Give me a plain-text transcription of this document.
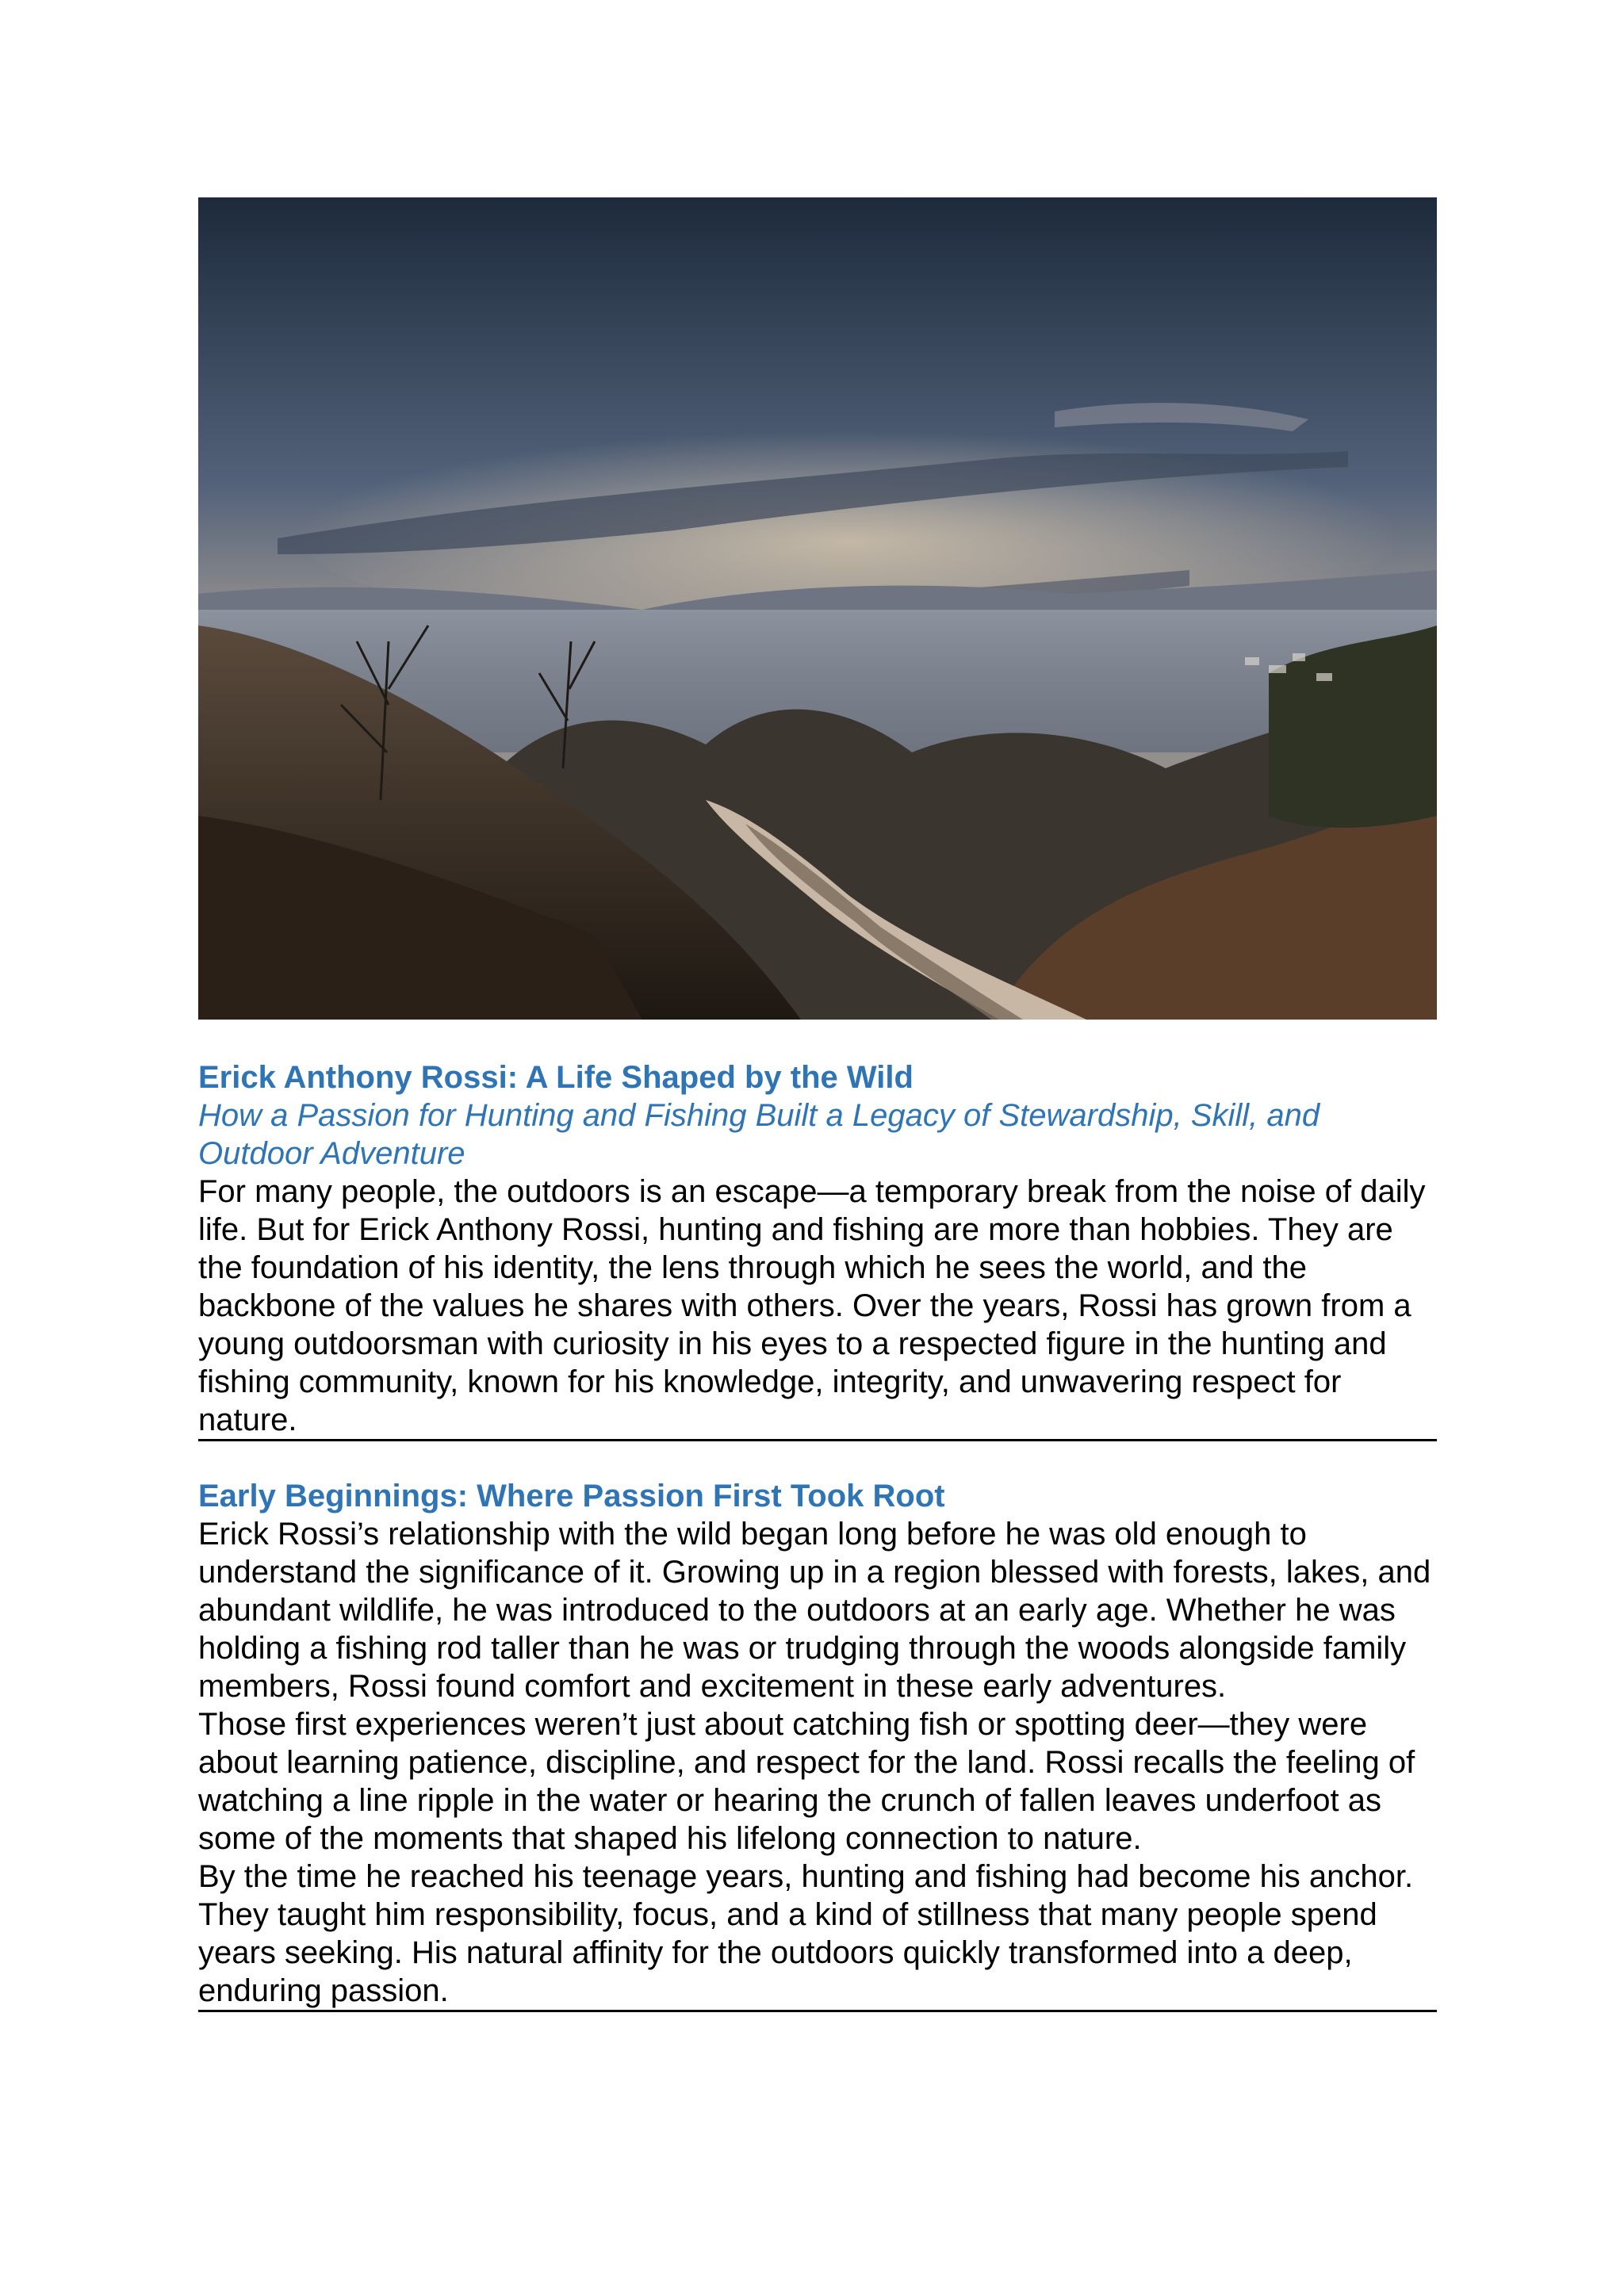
Erick Anthony Rossi: A Life Shaped by the Wild

How a Passion for Hunting and Fishing Built a Legacy of Stewardship, Skill, and Outdoor Adventure

For many people, the outdoors is an escape—a temporary break from the noise of daily life. But for Erick Anthony Rossi, hunting and fishing are more than hobbies. They are the foundation of his identity, the lens through which he sees the world, and the backbone of the values he shares with others. Over the years, Rossi has grown from a young outdoorsman with curiosity in his eyes to a respected figure in the hunting and fishing community, known for his knowledge, integrity, and unwavering respect for nature.

Early Beginnings: Where Passion First Took Root

Erick Rossi’s relationship with the wild began long before he was old enough to understand the significance of it. Growing up in a region blessed with forests, lakes, and abundant wildlife, he was introduced to the outdoors at an early age. Whether he was holding a fishing rod taller than he was or trudging through the woods alongside family members, Rossi found comfort and excitement in these early adventures.

Those first experiences weren’t just about catching fish or spotting deer—they were about learning patience, discipline, and respect for the land. Rossi recalls the feeling of watching a line ripple in the water or hearing the crunch of fallen leaves underfoot as some of the moments that shaped his lifelong connection to nature.

By the time he reached his teenage years, hunting and fishing had become his anchor. They taught him responsibility, focus, and a kind of stillness that many people spend years seeking. His natural affinity for the outdoors quickly transformed into a deep, enduring passion.
